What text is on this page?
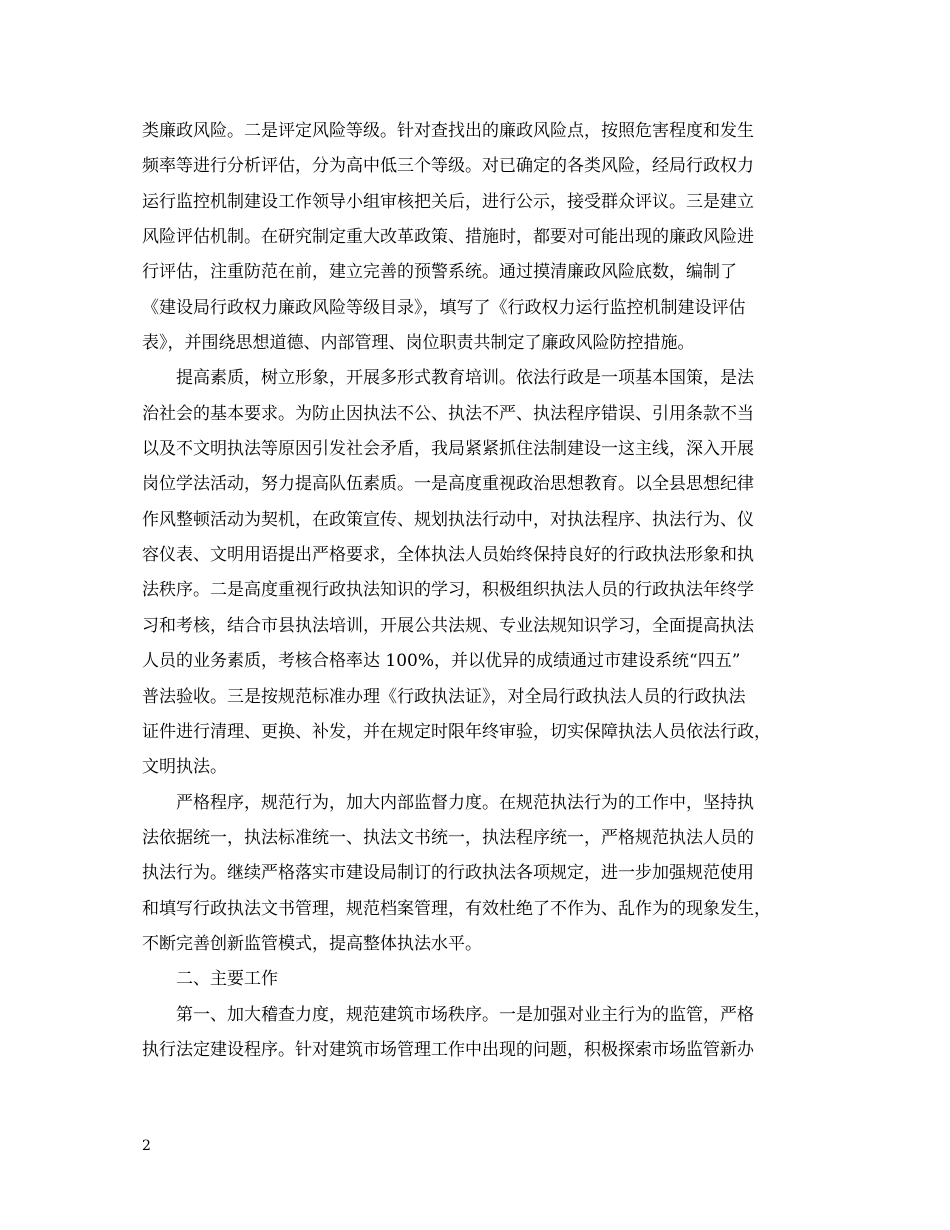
类廉政风险。二是评定风险等级。针对查找出的廉政风险点，按照危害程度和发生
频率等进行分析评估，分为高中低三个等级。对已确定的各类风险，经局行政权力
运行监控机制建设工作领导小组审核把关后，进行公示，接受群众评议。三是建立
风险评估机制。在研究制定重大改革政策、措施时，都要对可能出现的廉政风险进
行评估，注重防范在前，建立完善的预警系统。通过摸清廉政风险底数，编制了
《建设局行政权力廉政风险等级目录》，填写了《行政权力运行监控机制建设评估
表》，并围绕思想道德、内部管理、岗位职责共制定了廉政风险防控措施。
提高素质，树立形象，开展多形式教育培训。依法行政是一项基本国策，是法
治社会的基本要求。为防止因执法不公、执法不严、执法程序错误、引用条款不当
以及不文明执法等原因引发社会矛盾，我局紧紧抓住法制建设一这主线，深入开展
岗位学法活动，努力提高队伍素质。一是高度重视政治思想教育。以全县思想纪律
作风整顿活动为契机，在政策宣传、规划执法行动中，对执法程序、执法行为、仪
容仪表、文明用语提出严格要求，全体执法人员始终保持良好的行政执法形象和执
法秩序。二是高度重视行政执法知识的学习，积极组织执法人员的行政执法年终学
习和考核，结合市县执法培训，开展公共法规、专业法规知识学习，全面提高执法
人员的业务素质，考核合格率达 100%，并以优异的成绩通过市建设系统“四五”
普法验收。三是按规范标准办理《行政执法证》，对全局行政执法人员的行政执法
证件进行清理、更换、补发，并在规定时限年终审验，切实保障执法人员依法行政，
文明执法。
严格程序，规范行为，加大内部监督力度。在规范执法行为的工作中，坚持执
法依据统一，执法标准统一、执法文书统一，执法程序统一，严格规范执法人员的
执法行为。继续严格落实市建设局制订的行政执法各项规定，进一步加强规范使用
和填写行政执法文书管理，规范档案管理，有效杜绝了不作为、乱作为的现象发生，
不断完善创新监管模式，提高整体执法水平。
二、主要工作
第一、加大稽查力度，规范建筑市场秩序。一是加强对业主行为的监管，严格
执行法定建设程序。针对建筑市场管理工作中出现的问题，积极探索市场监管新办
2
